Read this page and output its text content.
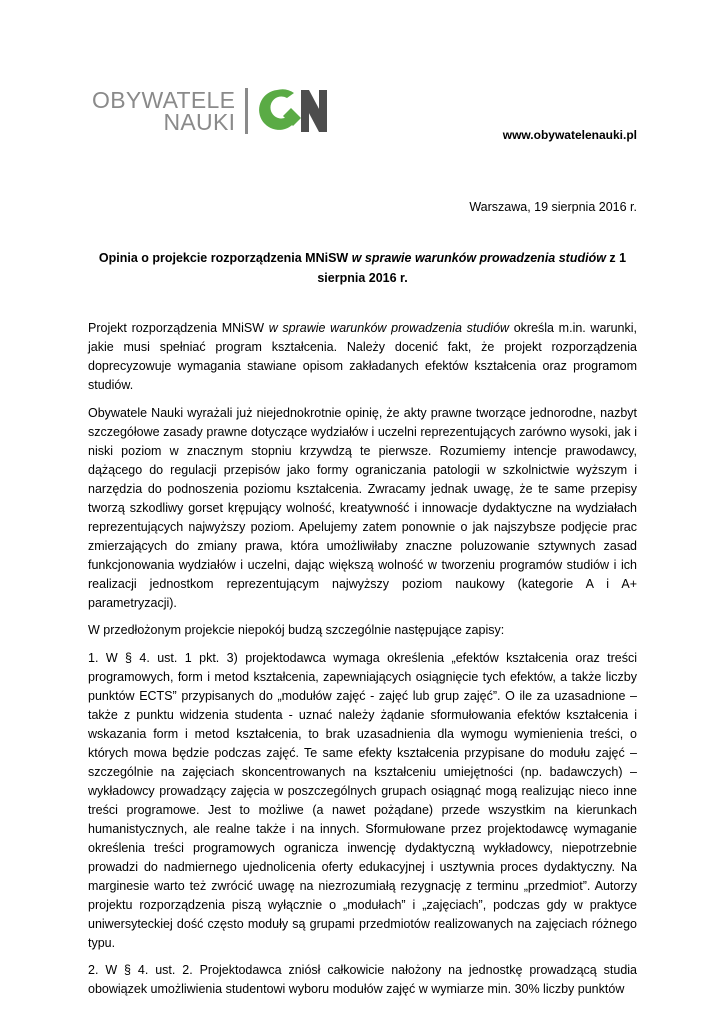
OBYWATELE
NAUKI	www.obywatelenauki.pl
Warszawa, 19 sierpnia 2016 r.
Opinia o projekcie rozporządzenia MNiSW w sprawie warunków prowadzenia studiów z 1 sierpnia 2016 r.

Projekt rozporządzenia MNiSW w sprawie warunków prowadzenia studiów określa m.in. warunki, jakie musi spełniać program kształcenia. Należy docenić fakt, że projekt rozporządzenia doprecyzowuje wymagania stawiane opisom zakładanych efektów kształcenia oraz programom studiów.

Obywatele Nauki wyrażali już niejednokrotnie opinię, że akty prawne tworzące jednorodne, nazbyt szczegółowe zasady prawne dotyczące wydziałów i uczelni reprezentujących zarówno wysoki, jak i niski poziom w znacznym stopniu krzywdzą te pierwsze. Rozumiemy intencje prawodawcy, dążącego do regulacji przepisów jako formy ograniczania patologii w szkolnictwie wyższym i narzędzia do podnoszenia poziomu kształcenia. Zwracamy jednak uwagę, że te same przepisy tworzą szkodliwy gorset krępujący wolność, kreatywność i innowacje dydaktyczne na wydziałach reprezentujących najwyższy poziom. Apelujemy zatem ponownie o jak najszybsze podjęcie prac zmierzających do zmiany prawa, która umożliwiłaby znaczne poluzowanie sztywnych zasad funkcjonowania wydziałów i uczelni, dając większą wolność w tworzeniu programów studiów i ich realizacji jednostkom reprezentującym najwyższy poziom naukowy (kategorie A i A+ parametryzacji).

W przedłożonym projekcie niepokój budzą szczególnie następujące zapisy:

1. W § 4. ust. 1 pkt. 3) projektodawca wymaga określenia „efektów kształcenia oraz treści programowych, form i metod kształcenia, zapewniających osiągnięcie tych efektów, a także liczby punktów ECTS” przypisanych do „modułów zajęć - zajęć lub grup zajęć”. O ile za uzasadnione – także z punktu widzenia studenta - uznać należy żądanie sformułowania efektów kształcenia i wskazania form i metod kształcenia, to brak uzasadnienia dla wymogu wymienienia treści, o których mowa będzie podczas zajęć. Te same efekty kształcenia przypisane do modułu zajęć – szczególnie na zajęciach skoncentrowanych na kształceniu umiejętności (np. badawczych) – wykładowcy prowadzący zajęcia w poszczególnych grupach osiągnąć mogą realizując nieco inne treści programowe. Jest to możliwe (a nawet pożądane) przede wszystkim na kierunkach humanistycznych, ale realne także i na innych. Sformułowane przez projektodawcę wymaganie określenia treści programowych ogranicza inwencję dydaktyczną wykładowcy, niepotrzebnie prowadzi do nadmiernego ujednolicenia oferty edukacyjnej i usztywnia proces dydaktyczny. Na marginesie warto też zwrócić uwagę na niezrozumiałą rezygnację z terminu „przedmiot”. Autorzy projektu rozporządzenia piszą wyłącznie o „modułach” i „zajęciach”, podczas gdy w praktyce uniwersyteckiej dość często moduły są grupami przedmiotów realizowanych na zajęciach różnego typu.

2. W § 4. ust. 2. Projektodawca zniósł całkowicie nałożony na jednostkę prowadzącą studia obowiązek umożliwienia studentowi wyboru modułów zajęć w wymiarze min. 30% liczby punktów
